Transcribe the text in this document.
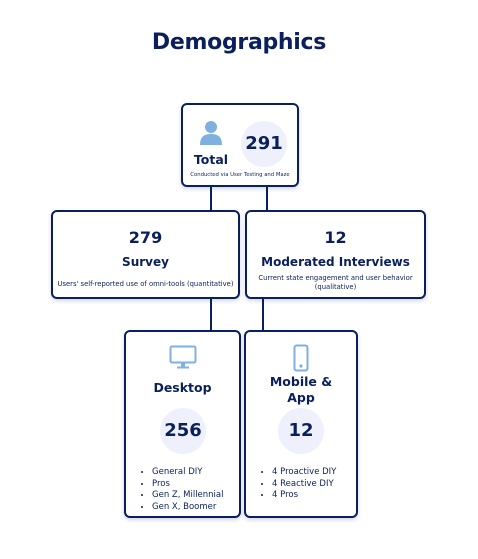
Demographics
291
Total
Conducted via User Testing and Maze
279
Survey
Users' self-reported use of omni-tools (quantitative)
12
Moderated Interviews
Current state engagement and user behavior (qualitative)
Desktop
256
• General DIY
• Pros
• Gen Z, Millennial
• Gen X, Boomer
Mobile &
App
12
• 4 Proactive DIY
• 4 Reactive DIY
• 4 Pros
